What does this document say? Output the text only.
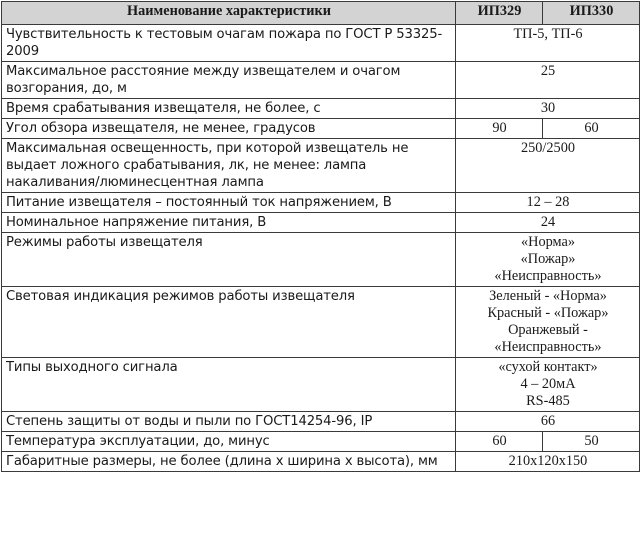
Наименование характеристики	ИП329	ИП330
Чувствительность к тестовым очагам пожара по ГОСТ Р 53325-2009	ТП-5, ТП-6	
Максимальное расстояние между извещателем и очагом возгорания, до, м	25	
Время срабатывания извещателя, не более, с	30	
Угол обзора извещателя, не менее, градусов	90	60
Максимальная освещенность, при которой извещатель не выдает ложного срабатывания, лк, не менее: лампа накаливания/люминесцентная лампа	250/2500	
Питание извещателя – постоянный ток напряжением, В	12 – 28	
Номинальное напряжение питания, В	24	
Режимы работы извещателя	«Норма»
«Пожар»
«Неисправность»	

Световая индикация режимов работы извещателя	Зеленый - «Норма»
Красный - «Пожар»
Оранжевый -
«Неисправность»	

Типы выходного сигнала	«сухой контакт»
4 – 20мА
RS-485	

Степень защиты от воды и пыли по ГОСТ14254-96, IP	66	
Температура эксплуатации, до, минус	60	50
Габаритные размеры, не более (длина х ширина х высота), мм	210x120x150	
